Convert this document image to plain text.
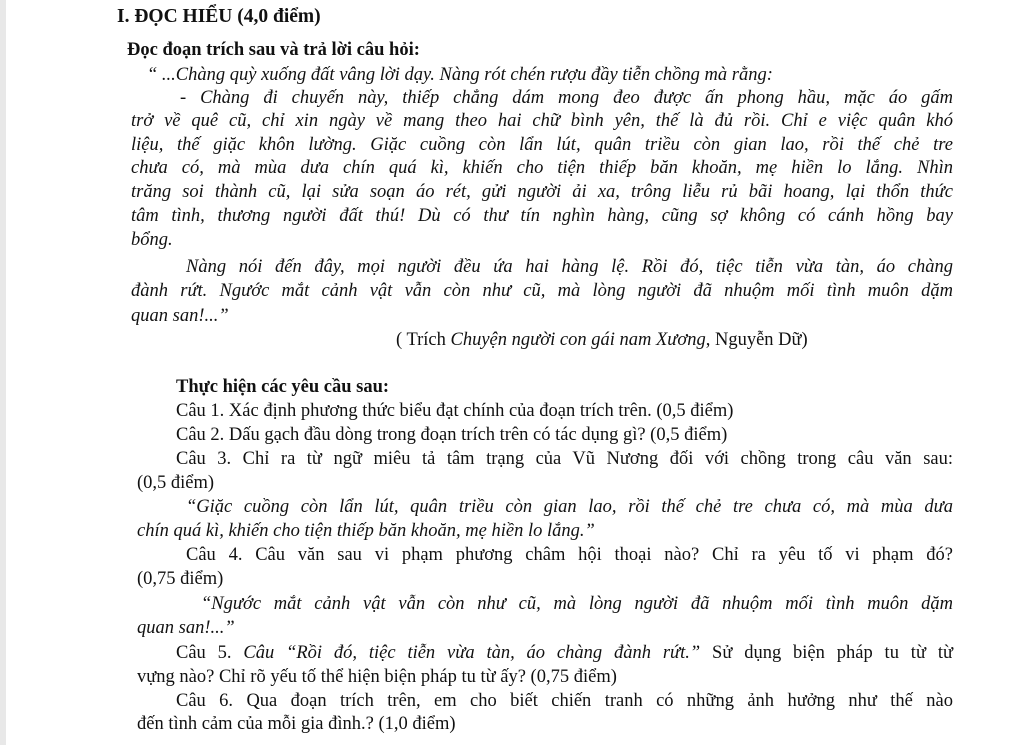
I. ĐỌC HIỂU (4,0 điểm)
Đọc đoạn trích sau và trả lời câu hỏi:
“ ...Chàng quỳ xuống đất vâng lời dạy. Nàng rót chén rượu đầy tiễn chồng mà rằng:
- Chàng đi chuyến này, thiếp chẳng dám mong đeo được ấn phong hầu, mặc áo gấm
trở về quê cũ, chỉ xin ngày về mang theo hai chữ bình yên, thế là đủ rồi. Chỉ e việc quân khó
liệu, thế giặc khôn lường. Giặc cuồng còn lẩn lút, quân triều còn gian lao, rồi thế chẻ tre
chưa có, mà mùa dưa chín quá kì, khiến cho tiện thiếp băn khoăn, mẹ hiền lo lắng. Nhìn
trăng soi thành cũ, lại sửa soạn áo rét, gửi người ải xa, trông liễu rủ bãi hoang, lại thổn thức
tâm tình, thương người đất thú! Dù có thư tín nghìn hàng, cũng sợ không có cánh hồng bay
bổng.
Nàng nói đến đây, mọi người đều ứa hai hàng lệ. Rồi đó, tiệc tiễn vừa tàn, áo chàng
đành rứt. Ngước mắt cảnh vật vẫn còn như cũ, mà lòng người đã nhuộm mối tình muôn dặm
quan san!...”
( Trích Chuyện người con gái nam Xương, Nguyễn Dữ)
Thực hiện các yêu cầu sau:
Câu 1. Xác định phương thức biểu đạt chính của đoạn trích trên. (0,5 điểm)
Câu 2. Dấu gạch đầu dòng trong đoạn trích trên có tác dụng gì? (0,5 điểm)
Câu 3. Chỉ ra từ ngữ miêu tả tâm trạng của Vũ Nương đối với chồng trong câu văn sau:
(0,5 điểm)
“Giặc cuồng còn lẩn lút, quân triều còn gian lao, rồi thế chẻ tre chưa có, mà mùa dưa
chín quá kì, khiến cho tiện thiếp băn khoăn, mẹ hiền lo lắng.”
Câu 4. Câu văn sau vi phạm phương châm hội thoại nào? Chỉ ra yêu tố vi phạm đó?
(0,75 điểm)
“Ngước mắt cảnh vật vẫn còn như cũ, mà lòng người đã nhuộm mối tình muôn dặm
quan san!...”
Câu 5. Câu “Rồi đó, tiệc tiễn vừa tàn, áo chàng đành rứt.” Sử dụng biện pháp tu từ từ
vựng nào? Chỉ rõ yếu tố thể hiện biện pháp tu từ ấy? (0,75 điểm)
Câu 6. Qua đoạn trích trên, em cho biết chiến tranh có những ảnh hưởng như thế nào
đến tình cảm của mỗi gia đình.? (1,0 điểm)
